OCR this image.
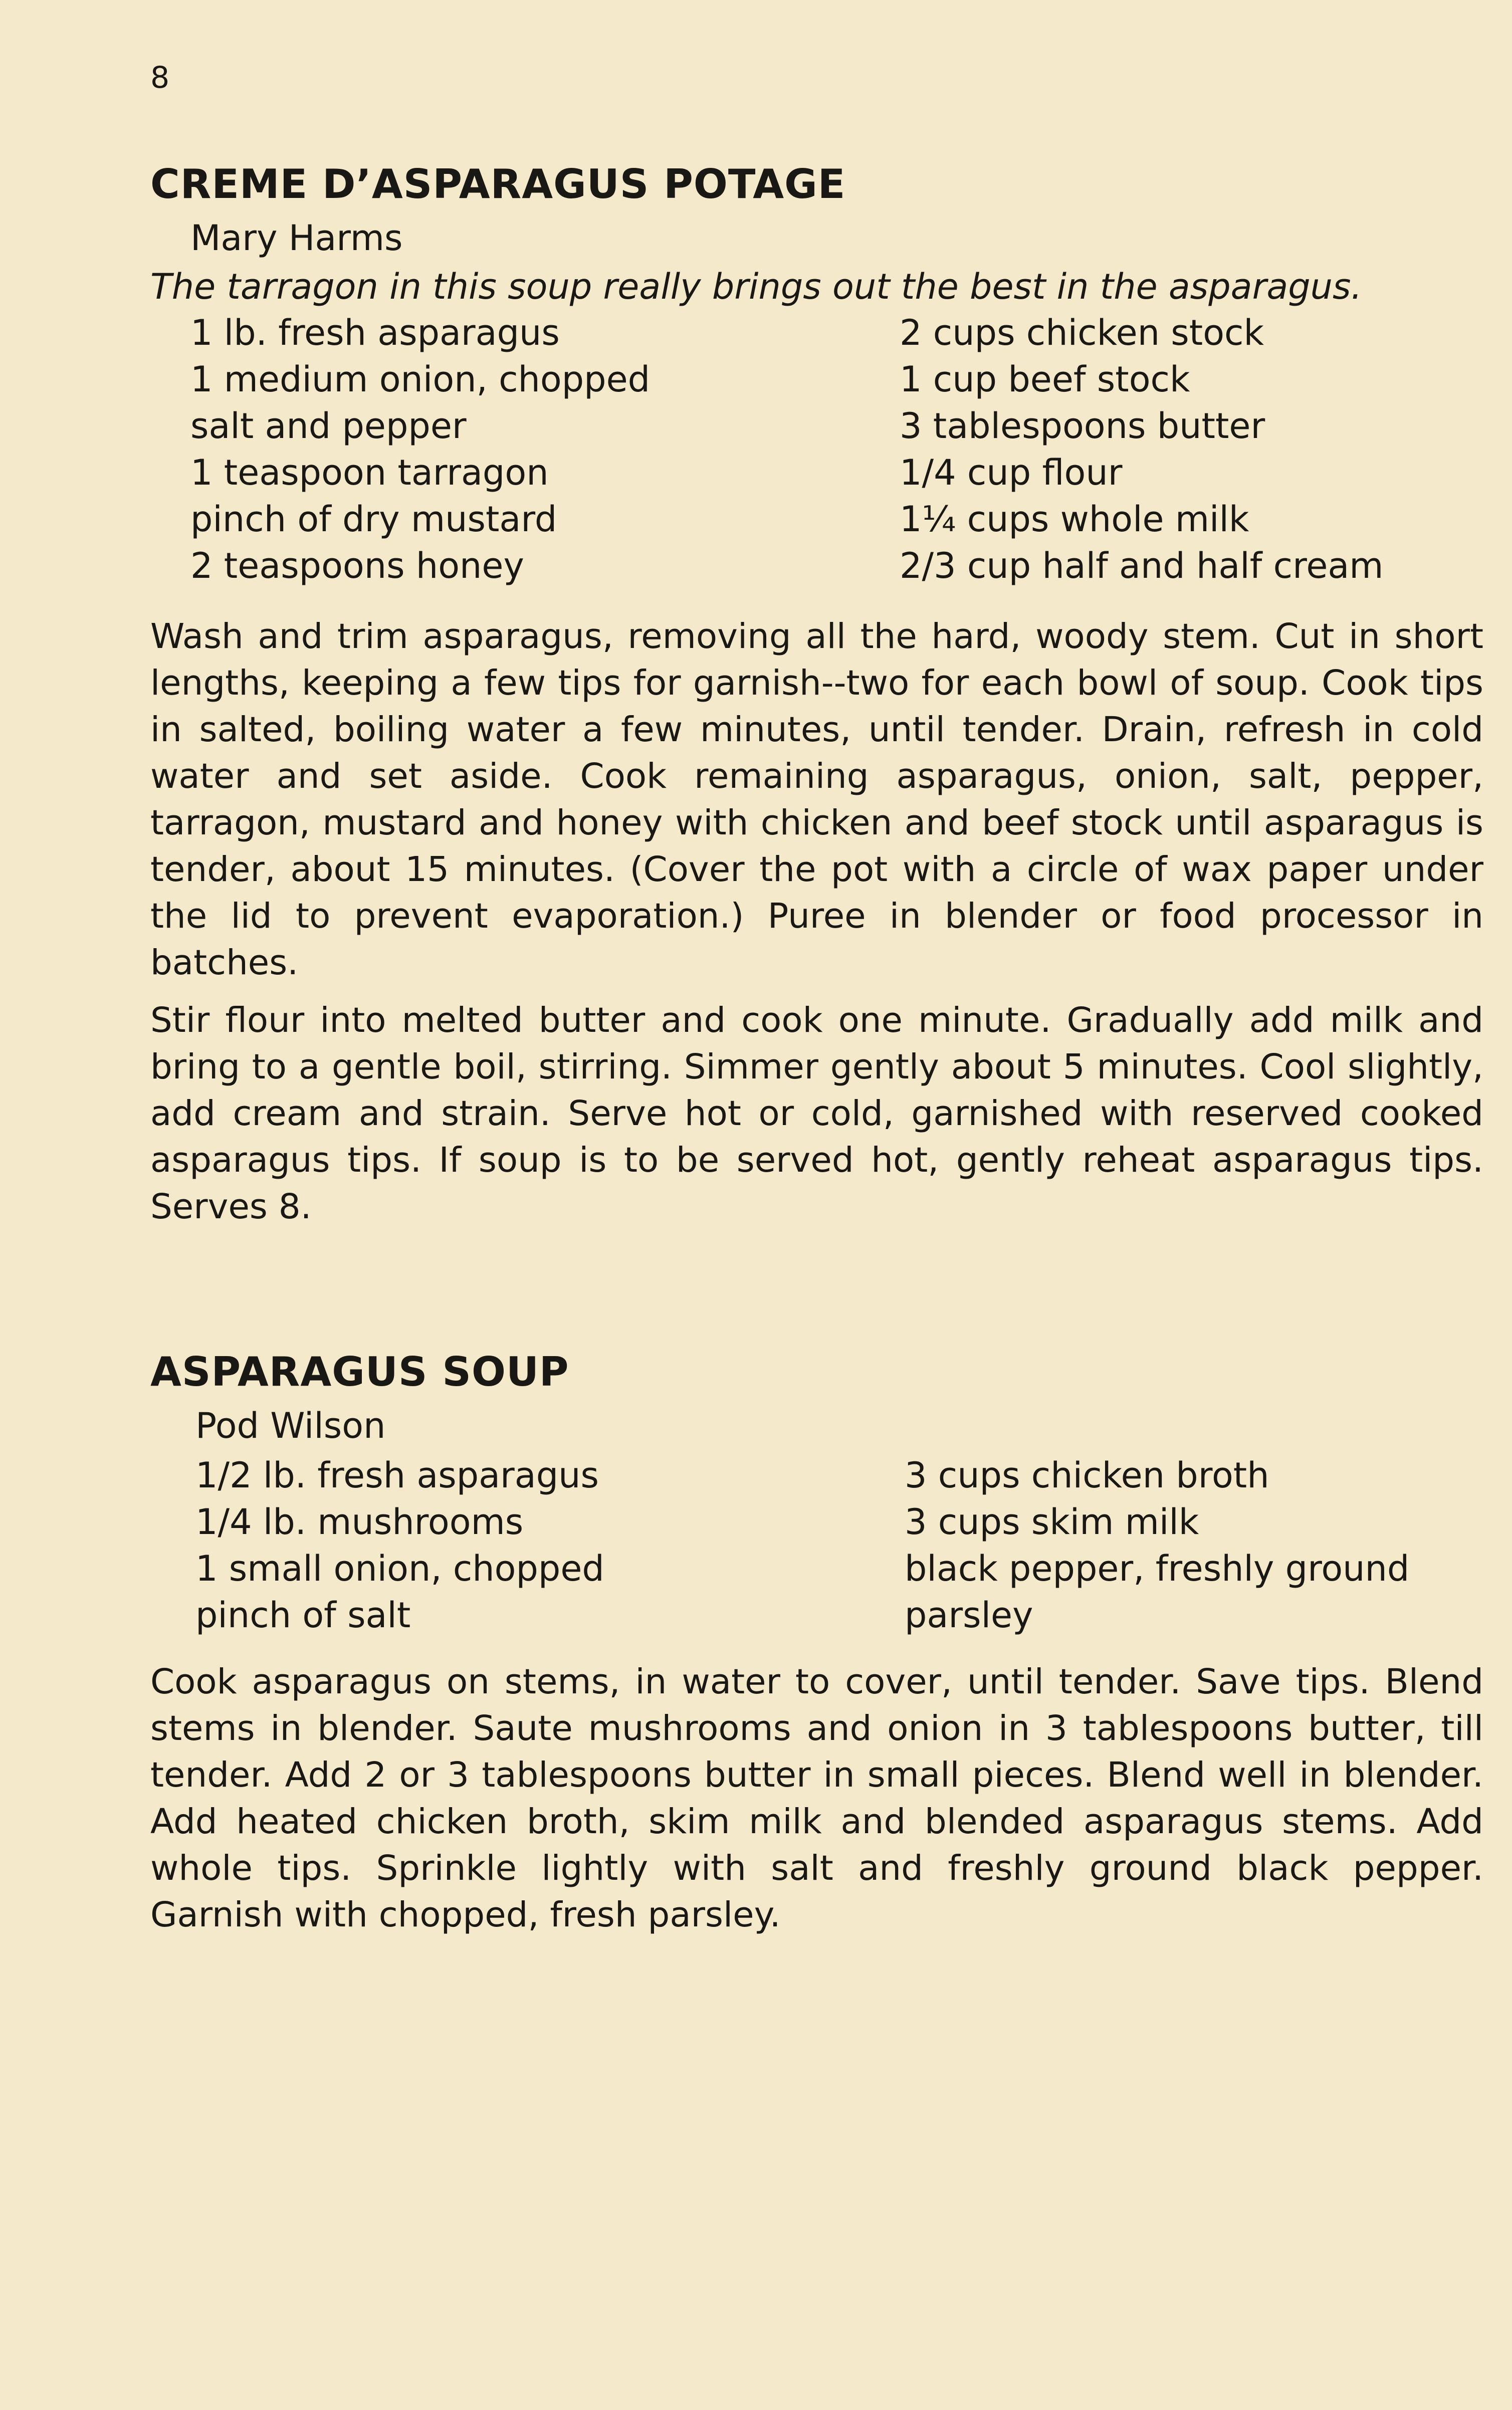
8
CREME D’ASPARAGUS POTAGE
Mary Harms

The tarragon in this soup really brings out the best in the asparagus.

1 lb. fresh asparagus
1 medium onion, chopped
salt and pepper
1 teaspoon tarragon
pinch of dry mustard
2 teaspoons honey
2 cups chicken stock
1 cup beef stock
3 tablespoons butter
1/4 cup flour
1¼ cups whole milk
2/3 cup half and half cream

Wash and trim asparagus, removing all the hard, woody stem. Cut in short lengths, keeping a few tips for garnish--two for each bowl of soup. Cook tips in salted, boiling water a few minutes, until tender. Drain, refresh in cold water and set aside. Cook remaining asparagus, onion, salt, pepper, tarragon, mustard and honey with chicken and beef stock until asparagus is tender, about 15 minutes. (Cover the pot with a circle of wax paper under the lid to prevent evaporation.) Puree in blender or food processor in batches.

Stir flour into melted butter and cook one minute. Gradually add milk and bring to a gentle boil, stirring. Simmer gently about 5 minutes. Cool slightly, add cream and strain. Serve hot or cold, garnished with reserved cooked asparagus tips. If soup is to be served hot, gently reheat asparagus tips. Serves 8.

ASPARAGUS SOUP
Pod Wilson
1/2 lb. fresh asparagus
1/4 lb. mushrooms
1 small onion, chopped
pinch of salt
3 cups chicken broth
3 cups skim milk
black pepper, freshly ground
parsley

Cook asparagus on stems, in water to cover, until tender. Save tips. Blend stems in blender. Saute mushrooms and onion in 3 tablespoons butter, till tender. Add 2 or 3 tablespoons butter in small pieces. Blend well in blender. Add heated chicken broth, skim milk and blended asparagus stems. Add whole tips. Sprinkle lightly with salt and freshly ground black pepper. Garnish with chopped, fresh parsley.
